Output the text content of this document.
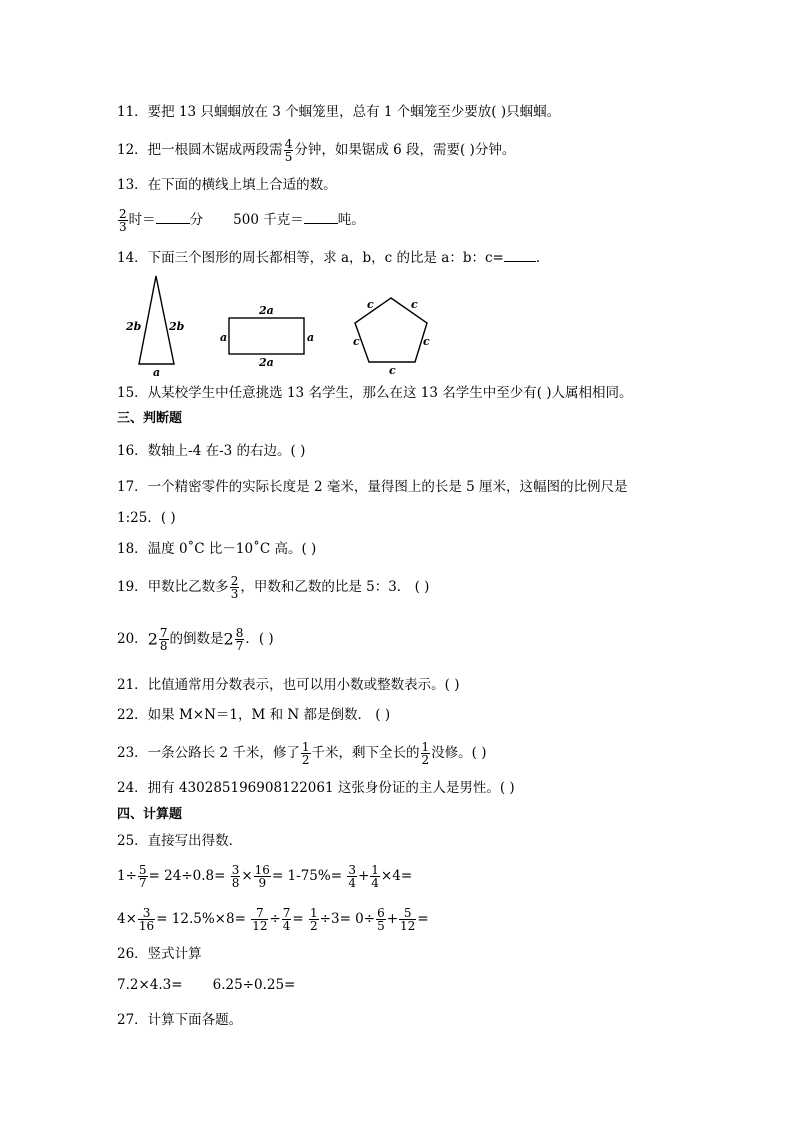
11．要把 13 只蝈蝈放在 3 个蝈笼里，总有 1 个蝈笼至少要放( )只蝈蝈。
12．把一根圆木锯成两段需 $\frac{4}{5}$ 分钟，如果锯成 6 段，需要( )分钟。
13．在下面的横线上填上合适的数。
$\frac{2}{3}$ 时＝	分 500 千克＝	吨。
14．下面三个图形的周长都相等，求 a，b，c 的比是 a：b：c= ．
2b	2b
a
2a
2a
a	a
c	c
c	c
c
15．从某校学生中任意挑选 13 名学生，那么在这 13 名学生中至少有( )人属相相同。
三、判断题
16．数轴上-4 在-3 的右边。( )
17．一个精密零件的实际长度是 2 毫米，量得图上的长是 5 厘米，这幅图的比例尺是
1:25．( )
18．温度 0˚C 比－10˚C 高。( )
19．甲数比乙数多 $\frac{2}{3}$ ，甲数和乙数的比是 5：3． ( )
20．$2 \frac{7}{8}$ 的倒数是$2 \frac{8}{7}$ ．( )
21．比值通常用分数表示，也可以用小数或整数表示。( )
22．如果 M×N＝1，M 和 N 都是倒数． ( )
23．一条公路长 2 千米，修了 $\frac{1}{2}$ 千米，剩下全长的 $\frac{1}{2}$ 没修。( )
24．拥有 430285196908122061 这张身份证的主人是男性。( )
四、计算题
25．直接写出得数．
$1\div \frac{5}{7} = 24\div 0.8= \frac{3}{8} \times \frac{16}{9} = 1-75\%= \frac{3}{4} + \frac{1}{4} \times 4=$
$4\times \frac{3}{16} = 12.5\%\times 8= \frac{7}{12} \div \frac{7}{4} = \frac{1}{2} \div 3= 0\div \frac{6}{5} + \frac{5}{12}$ =
26．竖式计算
7.2×4.3=       6.25÷0.25=
27．计算下面各题。
